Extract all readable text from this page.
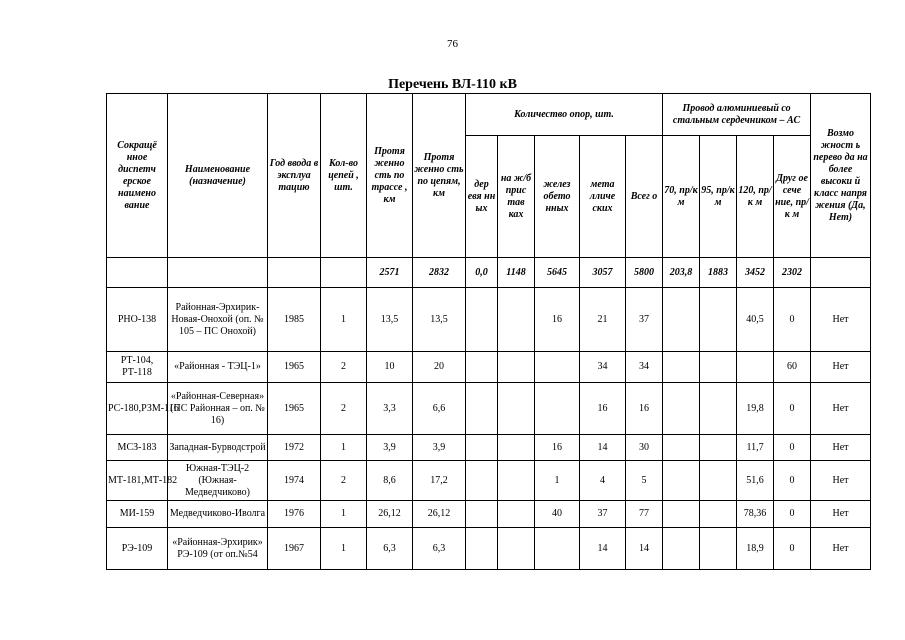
76
Перечень ВЛ-110 кВ
Сокращё нное диспетч ерское наимено вание	Наименование (назначение)	Год ввода в эксплуа тацию	Кол-во цепей , шт.	Протя женно сть по трассе , км	Протя женно сть по цепям, км	Количество опор, шт.					Провод алюминиевый со стальным сердечником – АС				Возмо жност ь перево да на более высоки й класс напря жения (Да, Нет)
						дер евя нн ых	на ж/б прис тав ках	желез обето нных	мета лличе ских	Всег о	70, пр/к м	95, пр/к м	120, пр/к м	Друг ое сече ние, пр/к м	
				2571	2832	0,0	1148	5645	3057	5800	203,8	1883	3452	2302	
РНО-138	Районная-Эрхирик-Новая-Онохой (оп. № 105 – ПС Онохой)	1985	1	13,5	13,5			16	21	37			40,5	0	Нет
РТ-104, РТ-118	«Районная - ТЭЦ-1»	1965	2	10	20				34	34				60	Нет
РС-180,РЗМ-116	«Районная-Северная» (ПС Районная – оп. № 16)	1965	2	3,3	6,6				16	16			19,8	0	Нет
МСЗ-183	Западная-Бурводстрой	1972	1	3,9	3,9			16	14	30			11,7	0	Нет
МТ-181,МТ-182	Южная-ТЭЦ-2 (Южная-Медведчиково)	1974	2	8,6	17,2			1	4	5			51,6	0	Нет
МИ-159	Медведчиково-Иволга	1976	1	26,12	26,12			40	37	77			78,36	0	Нет
РЭ-109	«Районная-Эрхирик» РЭ-109 (от оп.№54	1967	1	6,3	6,3				14	14			18,9	0	Нет
